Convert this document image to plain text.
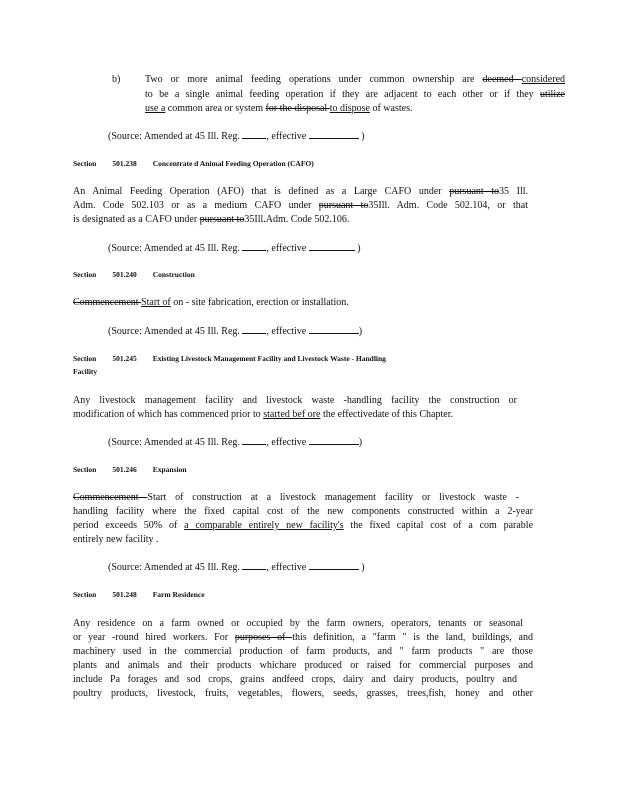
b) Two or more animal feeding operations under common ownership are deemed considered
to be a single animal feeding operation if they are adjacent to each other or if they utilize
use a common area or system for the disposal to dispose of wastes.
(Source: Amended at 45 Ill. Reg. , effective	)
Section 501.238 Concentrate d Animal Feeding Operation (CAFO)
An Animal Feeding Operation (AFO) that is defined as a Large CAFO under pursuant to35 Ill.
Adm. Code 502.103 or as a medium CAFO under pursuant to35Ill. Adm. Code 502.104, or that
is designated as a CAFO under pursuant to35Ill.Adm. Code 502.106.
(Source: Amended at 45 Ill. Reg. , effective	)
Section 501.240 Construction
Commencement Start of on - site fabrication, erection or installation.
(Source: Amended at 45 Ill. Reg. , effective	)
Section 501.245 Existing Livestock Management Facility and Livestock Waste - Handling
Facility
Any livestock management facility and livestock waste -handling facility the construction or
modification of which has commenced prior to started bef ore the effectivedate of this Chapter.
(Source: Amended at 45 Ill. Reg. , effective	)
Section 501.246 Expansion
Commencement Start of construction at a livestock management facility or livestock waste -
handling facility where the fixed capital cost of the new components constructed within a 2-year
period exceeds 50% of a comparable entirely new facility's the fixed capital cost of a com parable
entirely new facility .
(Source: Amended at 45 Ill. Reg. , effective	)
Section 501.248 Farm Residence
Any residence on a farm owned or occupied by the farm owners, operators, tenants or seasonal
or year -round hired workers. For purposes of this definition, a "farm " is the land, buildings, and
machinery used in the commercial production of farm products, and " farm products " are those
plants and animals and their products whichare produced or raised for commercial purposes and
include Pa forages and sod crops, grains andfeed crops, dairy and dairy products, poultry and
poultry products, livestock, fruits, vegetables, flowers, seeds, grasses, trees,fish, honey and other
